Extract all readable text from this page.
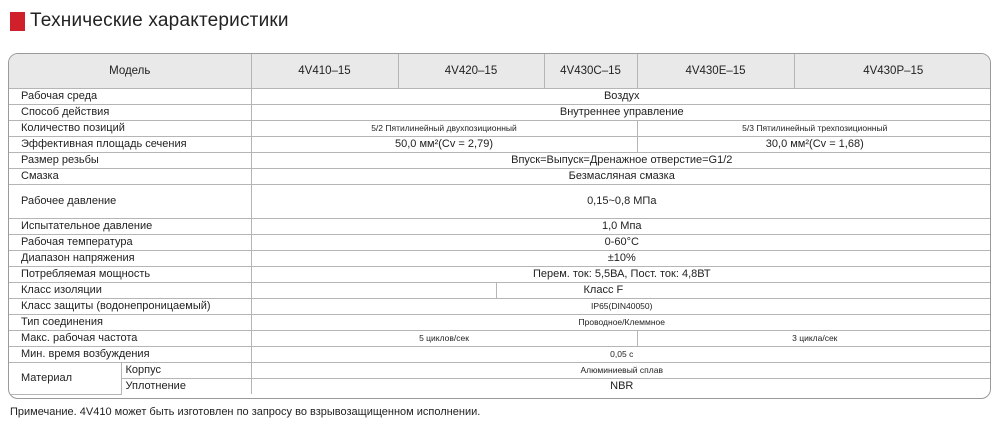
Технические характеристики
Модель		4V410–15	4V420–15		4V430C–15	4V430E–15	4V430P–15
Рабочая среда		Воздух					
Способ действия		Внутреннее управление					
Количество позиций		5/2 Пятилинейный двухпозиционный				5/3 Пятилинейный трехпозиционный	
Эффективная площадь сечения		50,0 мм²(Cv = 2,79)				30,0 мм²(Cv = 1,68)	
Размер резьбы		Впуск=Выпуск=Дренажное отверстие=G1/2					
Смазка		Безмасляная смазка					
Рабочее давление		0,15~0,8 МПа					
Испытательное давление		1,0 Мпа					
Рабочая температура		0-60°C					
Диапазон напряжения		±10%					
Потребляемая мощность		Перем. ток: 5,5ВА, Пост. ток: 4,8ВТ					
Класс изоляции				Класс F			
Класс защиты (водонепроницаемый)		IP65(DIN40050)					
Тип соединения		Проводное/Клеммное					
Макс. рабочая частота		5 циклов/сек				3 цикла/сек	
Мин. время возбуждения		0,05 с					
Материал	Корпус	Алюминиевый сплав					
	Уплотнение	NBR					
Примечание. 4V410 может быть изготовлен по запросу во взрывозащищенном исполнении.
